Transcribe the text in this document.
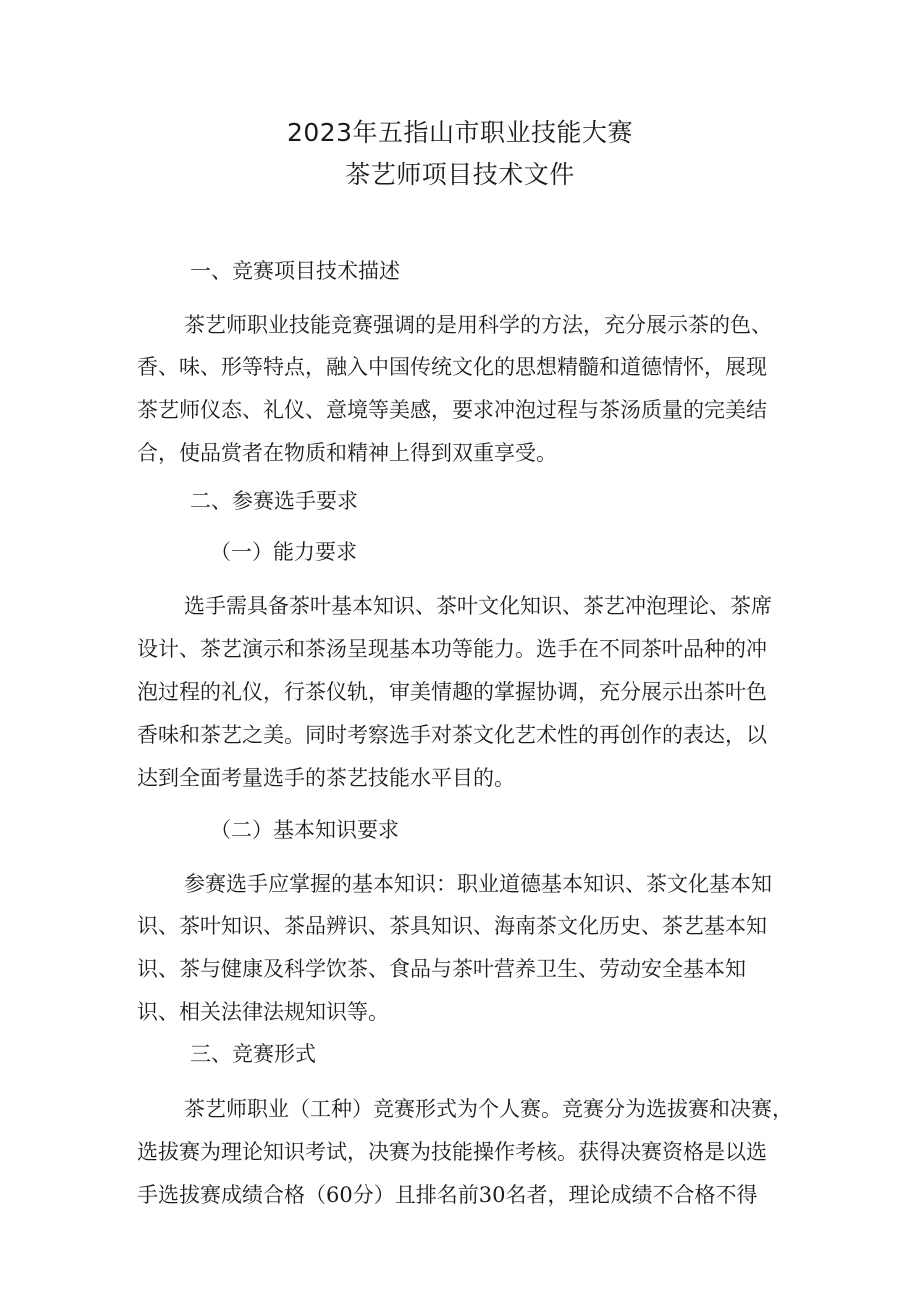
2023年五指山市职业技能大赛
茶艺师项目技术文件
一、竞赛项目技术描述
茶艺师职业技能竞赛强调的是用科学的方法，充分展示茶的色、
香、味、形等特点，融入中国传统文化的思想精髓和道德情怀，展现
茶艺师仪态、礼仪、意境等美感，要求冲泡过程与茶汤质量的完美结
合，使品赏者在物质和精神上得到双重享受。
二、参赛选手要求
（一）能力要求
选手需具备茶叶基本知识、茶叶文化知识、茶艺冲泡理论、茶席
设计、茶艺演示和茶汤呈现基本功等能力。选手在不同茶叶品种的冲
泡过程的礼仪，行茶仪轨，审美情趣的掌握协调，充分展示出茶叶色
香味和茶艺之美。同时考察选手对茶文化艺术性的再创作的表达，以
达到全面考量选手的茶艺技能水平目的。
（二）基本知识要求
参赛选手应掌握的基本知识：职业道德基本知识、茶文化基本知
识、茶叶知识、茶品辨识、茶具知识、海南茶文化历史、茶艺基本知
识、茶与健康及科学饮茶、食品与茶叶营养卫生、劳动安全基本知
识、相关法律法规知识等。
三、竞赛形式
茶艺师职业（工种）竞赛形式为个人赛。竞赛分为选拔赛和决赛，
选拔赛为理论知识考试，决赛为技能操作考核。获得决赛资格是以选
手选拔赛成绩合格（60分）且排名前30名者，理论成绩不合格不得
